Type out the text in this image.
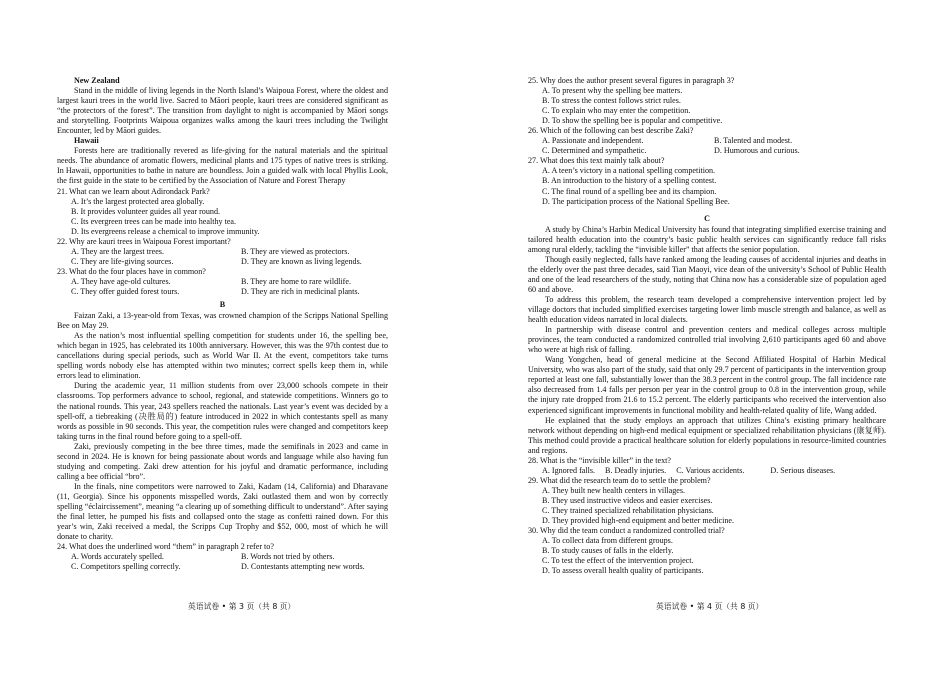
New Zealand
Stand in the middle of living legends in the North Island’s Waipoua Forest, where the oldest and largest kauri trees in the world live. Sacred to Māori people, kauri trees are considered significant as “the protectors of the forest”. The transition from daylight to night is accompanied by Māori songs and storytelling. Footprints Waipoua organizes walks among the kauri trees including the Twilight Encounter, led by Māori guides.
Hawaii
Forests here are traditionally revered as life-giving for the natural materials and the spiritual needs. The abundance of aromatic flowers, medicinal plants and 175 types of native trees is striking. In Hawaii, opportunities to bathe in nature are boundless. Join a guided walk with local Phyllis Look, the first guide in the state to be certified by the Association of Nature and Forest Therapy
21. What can we learn about Adirondack Park?
A. It’s the largest protected area globally.
B. It provides volunteer guides all year round.
C. Its evergreen trees can be made into healthy tea.
D. Its evergreens release a chemical to improve immunity.
22. Why are kauri trees in Waipoua Forest important?
A. They are the largest trees.	B. They are viewed as protectors.
C. They are life-giving sources.	D. They are known as living legends.
23. What do the four places have in common?
A. They have age-old cultures.	B. They are home to rare wildlife.
C. They offer guided forest tours.	D. They are rich in medicinal plants.
B
Faizan Zaki, a 13-year-old from Texas, was crowned champion of the Scripps National Spelling Bee on May 29.
As the nation’s most influential spelling competition for students under 16, the spelling bee, which began in 1925, has celebrated its 100th anniversary. However, this was the 97th contest due to cancellations during special periods, such as World War II. At the event, competitors take turns spelling words nobody else has attempted within two minutes; correct spells keep them in, while errors lead to elimination.
During the academic year, 11 million students from over 23,000 schools compete in their classrooms. Top performers advance to school, regional, and statewide competitions. Winners go to the national rounds. This year, 243 spellers reached the nationals. Last year’s event was decided by a spell-off, a tiebreaking (决胜局的) feature introduced in 2022 in which contestants spell as many words as possible in 90 seconds. This year, the competition rules were changed and competitors keep taking turns in the final round before going to a spell-off.
Zaki, previously competing in the bee three times, made the semifinals in 2023 and came in second in 2024. He is known for being passionate about words and language while also having fun studying and competing. Zaki drew attention for his joyful and dramatic performance, including calling a bee official “bro”.
In the finals, nine competitors were narrowed to Zaki, Kadam (14, California) and Dharavane (11, Georgia). Since his opponents misspelled words, Zaki outlasted them and won by correctly spelling “éclaircissement”, meaning “a clearing up of something difficult to understand”. After saying the final letter, he pumped his fists and collapsed onto the stage as confetti rained down. For this year’s win, Zaki received a medal, the Scripps Cup Trophy and $52, 000, most of which he will donate to charity.
24. What does the underlined word “them” in paragraph 2 refer to?
A. Words accurately spelled.	B. Words not tried by others.
C. Competitors spelling correctly.	D. Contestants attempting new words.
英语试卷 • 第 3 页（共 8 页）
25. Why does the author present several figures in paragraph 3?
A. To present why the spelling bee matters.
B. To stress the contest follows strict rules.
C. To explain who may enter the competition.
D. To show the spelling bee is popular and competitive.
26. Which of the following can best describe Zaki?
A. Passionate and independent.	B. Talented and modest.
C. Determined and sympathetic.	D. Humorous and curious.
27. What does this text mainly talk about?
A. A teen’s victory in a national spelling competition.
B. An introduction to the history of a spelling contest.
C. The final round of a spelling bee and its champion.
D. The participation process of the National Spelling Bee.
C
A study by China’s Harbin Medical University has found that integrating simplified exercise training and tailored health education into the country’s basic public health services can significantly reduce fall risks among rural elderly, tackling the “invisible killer” that affects the senior population.
Though easily neglected, falls have ranked among the leading causes of accidental injuries and deaths in the elderly over the past three decades, said Tian Maoyi, vice dean of the university’s School of Public Health and one of the lead researchers of the study, noting that China now has a considerable size of population aged 60 and above.
To address this problem, the research team developed a comprehensive intervention project led by village doctors that included simplified exercises targeting lower limb muscle strength and balance, as well as health education videos narrated in local dialects.
In partnership with disease control and prevention centers and medical colleges across multiple provinces, the team conducted a randomized controlled trial involving 2,610 participants aged 60 and above who were at high risk of falling.
Wang Yongchen, head of general medicine at the Second Affiliated Hospital of Harbin Medical University, who was also part of the study, said that only 29.7 percent of participants in the intervention group reported at least one fall, substantially lower than the 38.3 percent in the control group. The fall incidence rate also decreased from 1.4 falls per person per year in the control group to 0.8 in the intervention group, while the injury rate dropped from 21.6 to 15.2 percent. The elderly participants who received the intervention also experienced significant improvements in functional mobility and health-related quality of life, Wang added.
He explained that the study employs an approach that utilizes China’s existing primary healthcare network without depending on high-end medical equipment or specialized rehabilitation physicians (康复师). This method could provide a practical healthcare solution for elderly populations in resource-limited countries and regions.
28. What is the “invisible killer” in the text?
A. Ignored falls. B. Deadly injuries. C. Various accidents.	D. Serious diseases.
29. What did the research team do to settle the problem?
A. They built new health centers in villages.
B. They used instructive videos and easier exercises.
C. They trained specialized rehabilitation physicians.
D. They provided high-end equipment and better medicine.
30. Why did the team conduct a randomized controlled trial?
A. To collect data from different groups.
B. To study causes of falls in the elderly.
C. To test the effect of the intervention project.
D. To assess overall health quality of participants.
英语试卷 • 第 4 页（共 8 页）
